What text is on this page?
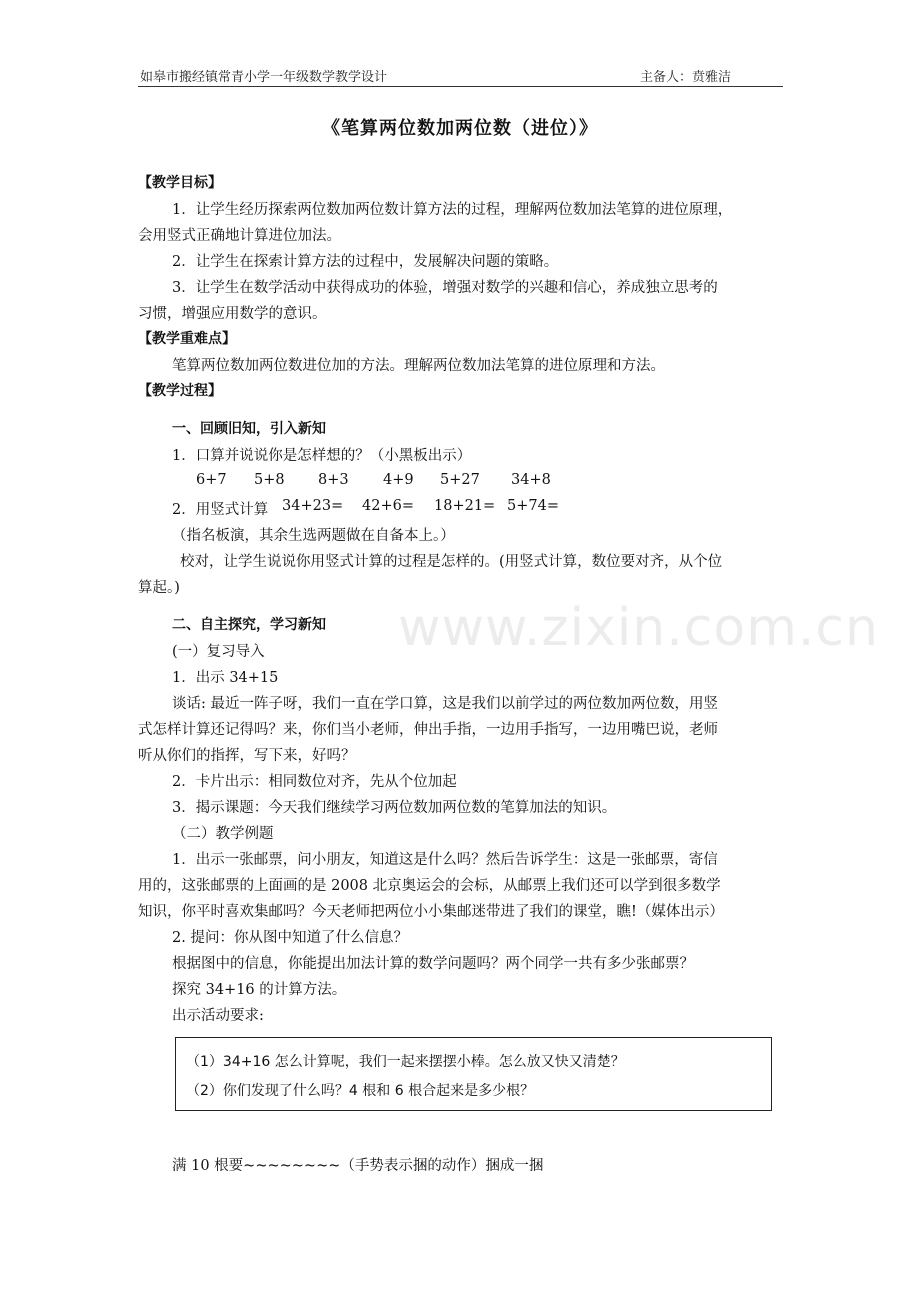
如皋市搬经镇常青小学一年级数学教学设计	主备人：贲雅洁
www.zixin.com.cn
《笔算两位数加两位数（进位）》
【教学目标】
1．让学生经历探索两位数加两位数计算方法的过程，理解两位数加法笔算的进位原理，
会用竖式正确地计算进位加法。
2．让学生在探索计算方法的过程中，发展解决问题的策略。
3．让学生在数学活动中获得成功的体验，增强对数学的兴趣和信心，养成独立思考的
习惯，增强应用数学的意识。
【教学重难点】
笔算两位数加两位数进位加的方法。理解两位数加法笔算的进位原理和方法。
【教学过程】
一、回顾旧知，引入新知
1．口算并说说你是怎样想的？（小黑板出示）
6+7 5+8 8+3 4+9 5+27 34+8
2．用竖式计算 34+23= 42+6= 18+21= 5+74=
（指名板演，其余生选两题做在自备本上。）
校对，让学生说说你用竖式计算的过程是怎样的。(用竖式计算，数位要对齐，从个位
算起。)
二、自主探究，学习新知
(一）复习导入
1．出示 34+15
谈话: 最近一阵子呀，我们一直在学口算，这是我们以前学过的两位数加两位数，用竖
式怎样计算还记得吗？来，你们当小老师，伸出手指，一边用手指写，一边用嘴巴说，老师
听从你们的指挥，写下来，好吗？
2．卡片出示：相同数位对齐，先从个位加起
3．揭示课题：今天我们继续学习两位数加两位数的笔算加法的知识。
（二）教学例题
1．出示一张邮票，问小朋友，知道这是什么吗？然后告诉学生：这是一张邮票，寄信
用的，这张邮票的上面画的是 2008 北京奥运会的会标，从邮票上我们还可以学到很多数学
知识，你平时喜欢集邮吗？今天老师把两位小小集邮迷带进了我们的课堂，瞧!（媒体出示）
2. 提问：你从图中知道了什么信息？
根据图中的信息，你能提出加法计算的数学问题吗？两个同学一共有多少张邮票？
探究 34+16 的计算方法。
出示活动要求:
（1）34+16 怎么计算呢，我们一起来摆摆小棒。怎么放又快又清楚？
（2）你们发现了什么吗？4 根和 6 根合起来是多少根？
满 10 根要~~~~~~~~（手势表示捆的动作）捆成一捆
